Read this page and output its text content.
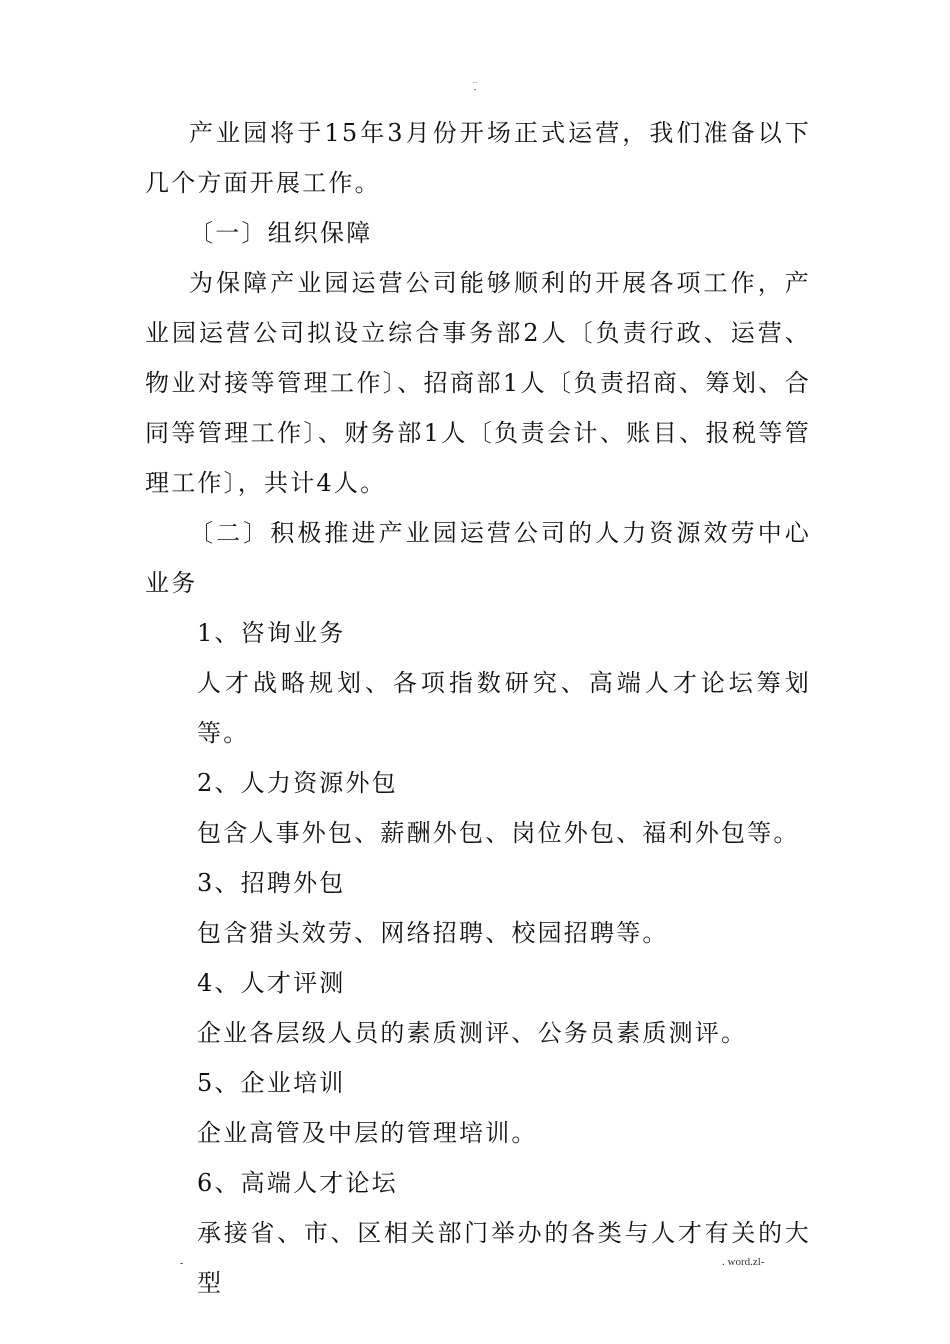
..
-

产业园将于15年3月份开场正式运营，我们准备以下几个方面开展工作。

〔一〕组织保障

为保障产业园运营公司能够顺利的开展各项工作，产业园运营公司拟设立综合事务部2人〔负责行政、运营、物业对接等管理工作〕、招商部1人〔负责招商、筹划、合同等管理工作〕、财务部1人〔负责会计、账目、报税等管理工作〕，共计4人。

〔二〕积极推进产业园运营公司的人力资源效劳中心业务

1、咨询业务

人才战略规划、各项指数研究、高端人才论坛筹划等。

2、人力资源外包

包含人事外包、薪酬外包、岗位外包、福利外包等。

3、招聘外包

包含猎头效劳、网络招聘、校园招聘等。

4、人才评测

企业各层级人员的素质测评、公务员素质测评。

5、企业培训

企业高管及中层的管理培训。

6、高端人才论坛

承接省、市、区相关部门举办的各类与人才有关的大型

-	. word.zl-
